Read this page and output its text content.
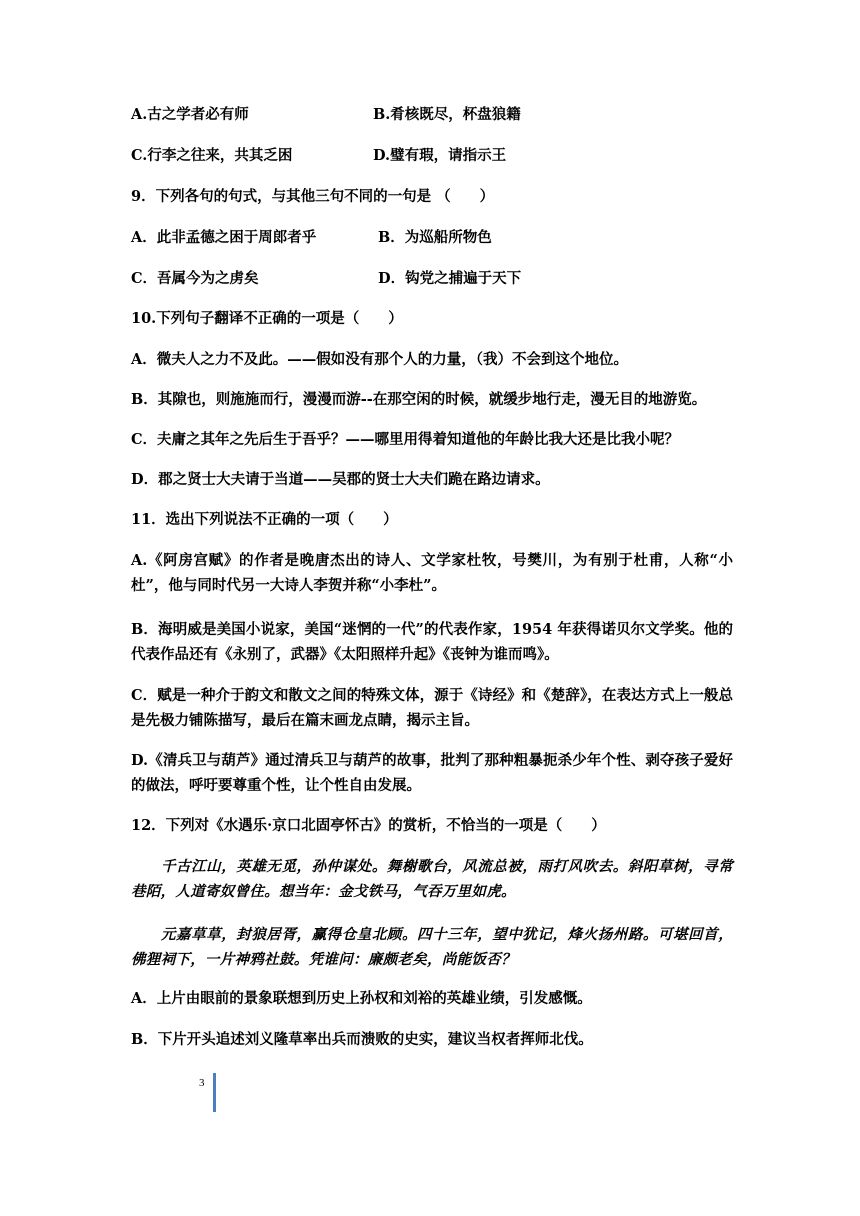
A.古之学者必有师	B.肴核既尽，杯盘狼籍
C.行李之往来，共其乏困	D.璧有瑕，请指示王
9．下列各句的句式，与其他三句不同的一句是 （　　）
A．此非孟德之困于周郎者乎	B．为巡船所物色
C．吾属今为之虏矣	D．钩党之捕遍于天下
10.下列句子翻译不正确的一项是（　　）
A．微夫人之力不及此。——假如没有那个人的力量，（我）不会到这个地位。
B．其隙也，则施施而行，漫漫而游--在那空闲的时候，就缓步地行走，漫无目的地游览。
C．夫庸之其年之先后生于吾乎？——哪里用得着知道他的年龄比我大还是比我小呢？
D．郡之贤士大夫请于当道——吴郡的贤士大夫们跪在路边请求。
11．选出下列说法不正确的一项（　　）
A.《阿房宫赋》的作者是晚唐杰出的诗人、文学家杜牧，号樊川，为有别于杜甫，人称“小杜”，他与同时代另一大诗人李贺并称“小李杜”。
B．海明威是美国小说家，美国“迷惘的一代”的代表作家，1954 年获得诺贝尔文学奖。他的代表作品还有《永别了，武器》《太阳照样升起》《丧钟为谁而鸣》。
C．赋是一种介于韵文和散文之间的特殊文体，源于《诗经》和《楚辞》，在表达方式上一般总是先极力铺陈描写，最后在篇末画龙点睛，揭示主旨。
D.《清兵卫与葫芦》通过清兵卫与葫芦的故事，批判了那种粗暴扼杀少年个性、剥夺孩子爱好的做法，呼吁要尊重个性，让个性自由发展。
12．下列对《水遇乐·京口北固亭怀古》的赏析，不恰当的一项是（　　）
千古江山，英雄无觅，孙仲谋处。舞榭歌台，风流总被，雨打风吹去。斜阳草树，寻常巷陌，人道寄奴曾住。想当年：金戈铁马，气吞万里如虎。
元嘉草草，封狼居胥，赢得仓皇北顾。四十三年，望中犹记，烽火扬州路。可堪回首，佛狸祠下，一片神鸦社鼓。凭谁问：廉颇老矣，尚能饭否？
A．上片由眼前的景象联想到历史上孙权和刘裕的英雄业绩，引发感慨。
B．下片开头追述刘义隆草率出兵而溃败的史实，建议当权者挥师北伐。
3
